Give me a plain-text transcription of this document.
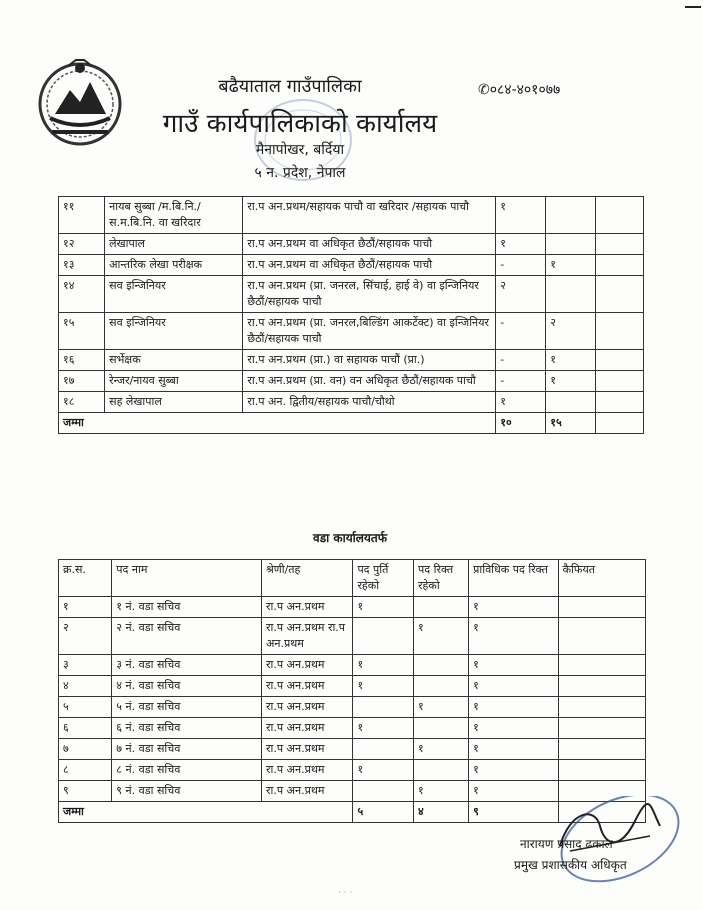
बढैयाताल गाउँपालिका
गाउँ कार्यपालिकाको कार्यालय
मैनापोखर, बर्दिया
५ न. प्रदेश, नेपाल
✆०८४-४०१०७७
११	नायब सुब्बा /म.बि.नि./स.म.बि.नि. वा खरिदार	रा.प अन.प्रथम/सहायक पाचौ वा खरिदार /सहायक पाचौ	१		
१२	लेखापाल	रा.प अन.प्रथम वा अधिकृत छैठौं/सहायक पाचौ	१		
१३	आन्तरिक लेखा परीक्षक	रा.प अन.प्रथम वा अधिकृत छैठौं/सहायक पाचौ	-	१	
१४	सव इन्जिनियर	रा.प अन.प्रथम (प्रा. जनरल, सिंचाई, हाई वे) वा इन्जिनियर छैठौं/सहायक पाचौ	२		
१५	सव इन्जिनियर	रा.प अन.प्रथम (प्रा. जनरल,बिल्डिंग आकर्टेक्ट) वा इन्जिनियर छैठौं/सहायक पाचौ	-	२	
१६	सर्भेक्षक	रा.प अन.प्रथम (प्रा.) वा सहायक पाचौं (प्रा.)	-	१	
१७	रेन्जर/नायव सुब्बा	रा.प अन.प्रथम (प्रा. वन) वन अधिकृत छैठौं/सहायक पाचौ	-	१	
१८	सह लेखापाल	रा.प अन. द्वितीय/सहायक पाचौ/चौथो	१		
जम्मा			१०	१५	
वडा कार्यालयतर्फ
क्र.स.	पद नाम	श्रेणी/तह	पद पुर्ति रहेको	पद रिक्त रहेको	प्राविधिक पद रिक्त	कैफियत
१	१ नं. वडा सचिव	रा.प अन.प्रथम	१		१	
२	२ नं. वडा सचिव	रा.प अन.प्रथम रा.प अन.प्रथम		१	१	
३	३ नं. वडा सचिव	रा.प अन.प्रथम	१		१	
४	४ नं. वडा सचिव	रा.प अन.प्रथम	१		१	
५	५ नं. वडा सचिव	रा.प अन.प्रथम		१	१	
६	६ नं. वडा सचिव	रा.प अन.प्रथम	१		१	
७	७ नं. वडा सचिव	रा.प अन.प्रथम		१	१	
८	८ नं. वडा सचिव	रा.प अन.प्रथम	१		१	
९	९ नं. वडा सचिव	रा.प अन.प्रथम		१	१	
जम्मा			५	४	९	
नारायण प्रसाद ढकाल
प्रमुख प्रशासकीय अधिकृत
· · ·
